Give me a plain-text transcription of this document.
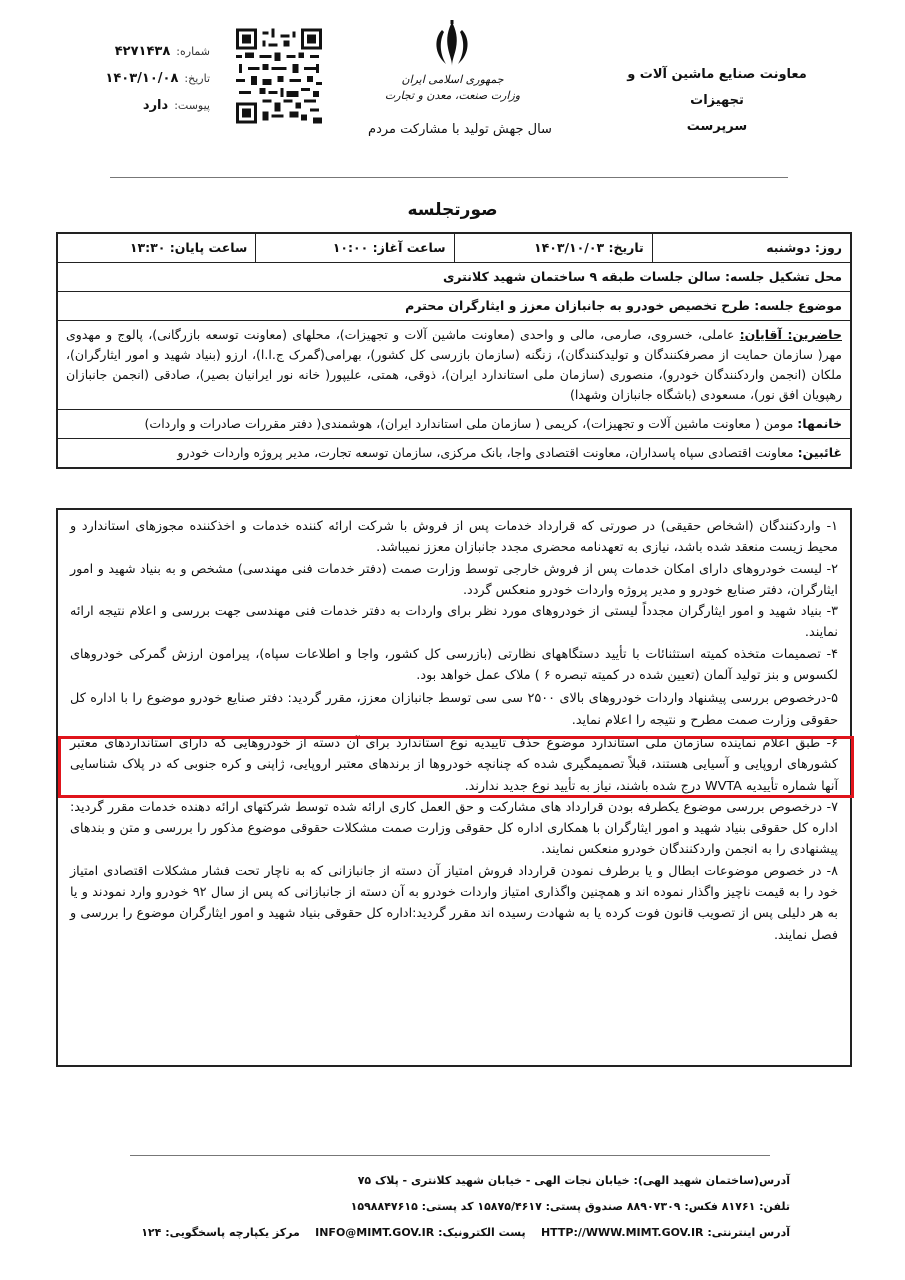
معاونت صنایع ماشین آلات و تجهیزات
سرپرست
جمهوری اسلامی ایران
وزارت صنعت، معدن و تجارت
سال جهش تولید با مشارکت مردم
شماره:
۴۲۷۱۴۳۸
تاریخ:
۱۴۰۳/۱۰/۰۸
پیوست:
دارد
صورتجلسه
روز: دوشنبه
تاریخ: ۱۴۰۳/۱۰/۰۳
ساعت آغاز: ۱۰:۰۰
ساعت پایان: ۱۳:۳۰
محل تشکیل جلسه: سالن جلسات طبقه ۹ ساختمان شهید کلانتری
موضوع جلسه: طرح تخصیص خودرو به جانبازان معزز و ایثارگران محترم
حاضرین: آقایان: عاملی، خسروی، صارمی، مالی و واحدی (معاونت ماشین آلات و تجهیزات)، محلهای (معاونت توسعه بازرگانی)، پالوج و مهدوی مهر( سازمان حمایت از مصرفکنندگان و تولیدکنندگان)، زنگنه (سازمان بازرسی کل کشور)، بهرامی(گمرک ج.ا.ا)، ارزو (بنیاد شهید و امور ایثارگران)، ملکان (انجمن واردکنندگان خودرو)، منصوری (سازمان ملی استاندارد ایران)، ذوقی، همتی، علیپور( خانه نور ایرانیان بصیر)، صادقی (انجمن جانبازان رهپویان افق نور)، مسعودی (باشگاه جانبازان وشهدا)
خانمها: مومن ( معاونت ماشین آلات و تجهیزات)، کریمی ( سازمان ملی استاندارد ایران)، هوشمندی( دفتر مقررات صادرات و واردات)
غائبین: معاونت اقتصادی سپاه پاسداران، معاونت اقتصادی واجا، بانک مرکزی، سازمان توسعه تجارت، مدیر پروژه واردات خودرو

۱- واردکنندگان (اشخاص حقیقی) در صورتی که قرارداد خدمات پس از فروش با شرکت ارائه کننده خدمات و اخذکننده مجوزهای استاندارد و محیط زیست منعقد شده باشد، نیازی به تعهدنامه محضری مجدد جانبازان معزز نمیباشد.

۲- لیست خودروهای دارای امکان خدمات پس از فروش خارجی توسط وزارت صمت (دفتر خدمات فنی مهندسی) مشخص و به بنیاد شهید و امور ایثارگران، دفتر صنایع خودرو و مدیر پروژه واردات خودرو منعکس گردد.

۳- بنیاد شهید و امور ایثارگران مجدداً لیستی از خودروهای مورد نظر برای واردات به دفتر خدمات فنی مهندسی جهت بررسی و اعلام نتیجه ارائه نمایند.

۴- تصمیمات متخذه کمیته استثنائات با تأیید دستگاههای نظارتی (بازرسی کل کشور، واجا و اطلاعات سپاه)، پیرامون ارزش گمرکی خودروهای لکسوس و بنز تولید آلمان (تعیین شده در کمیته تبصره ۶ ) ملاک عمل خواهد بود.

۵-درخصوص بررسی پیشنهاد واردات خودروهای بالای ۲۵۰۰ سی سی توسط جانبازان معزز، مقرر گردید: دفتر صنایع خودرو موضوع را با اداره کل حقوقی وزارت صمت مطرح و نتیجه را اعلام نماید.

۶- طبق اعلام نماینده سازمان ملی استاندارد موضوع حذف تاییدیه نوع استاندارد برای آن دسته از خودروهایی که دارای استانداردهای معتبر کشورهای اروپایی و آسیایی هستند، قبلاً تصمیمگیری شده که چنانچه خودروها از برندهای معتبر اروپایی، ژاپنی و کره جنوبی که در پلاک شناسایی آنها شماره تأییدیه WVTA درج شده باشند، نیاز به تأیید نوع جدید ندارند.

۷- درخصوص بررسی موضوع یکطرفه بودن قرارداد های مشارکت و حق العمل کاری ارائه شده توسط شرکتهای ارائه دهنده خدمات مقرر گردید: اداره کل حقوقی بنیاد شهید و امور ایثارگران با همکاری اداره کل حقوقی وزارت صمت مشکلات حقوقی موضوع مذکور را بررسی و متن و بندهای پیشنهادی را به انجمن واردکنندگان خودرو منعکس نمایند.

۸- در خصوص موضوعات ابطال و یا برطرف نمودن قرارداد فروش امتیاز آن دسته از جانبازانی که به ناچار تحت فشار مشکلات اقتصادی امتیاز خود را به قیمت ناچیز واگذار نموده اند و همچنین واگذاری امتیاز واردات خودرو به آن دسته از جانبازانی که پس از سال ۹۲ خودرو وارد نمودند و یا به هر دلیلی پس از تصویب قانون فوت کرده یا به شهادت رسیده اند مقرر گردید:اداره کل حقوقی بنیاد شهید و امور ایثارگران موضوع را بررسی و فصل نمایند.

آدرس(ساختمان شهید الهی): خیابان نجات الهی - خیابان شهید کلانتری - پلاک ۷۵
تلفن: ۸۱۷۶۱ فکس: ۸۸۹۰۷۳۰۹ صندوق پستی: ۱۵۸۷۵/۴۶۱۷ کد پستی: ۱۵۹۸۸۴۷۶۱۵
آدرس اینترنتی: HTTP://WWW.MIMT.GOV.IR    پست الکترونیک: INFO@MIMT.GOV.IR    مرکز یکپارچه پاسخگویی: ۱۲۴
